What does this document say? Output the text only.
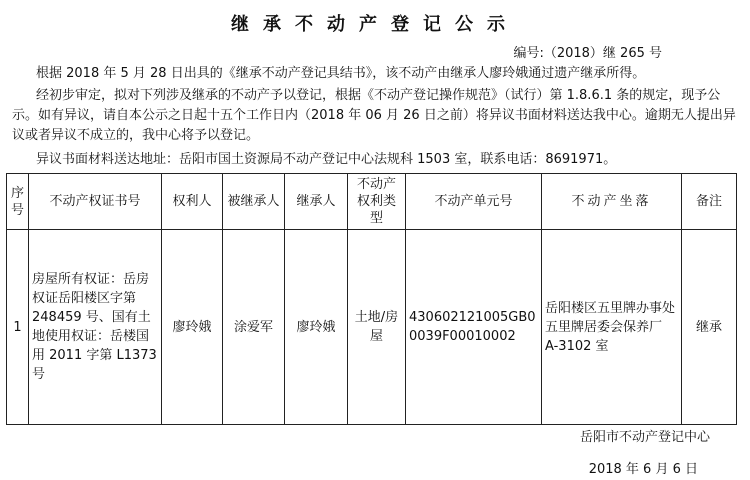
继承不动产登记公示
编号:（2018）继 265 号
根据 2018 年 5 月 28 日出具的《继承不动产登记具结书》，该不动产由继承人廖玲娥通过遗产继承所得。
经初步审定，拟对下列涉及继承的不动产予以登记，根据《不动产登记操作规范》（试行）第 1.8.6.1 条的规定，现予公示。如有异议，请自本公示之日起十五个工作日内（2018 年 06 月 26 日之前）将异议书面材料送达我中心。逾期无人提出异议或者异议不成立的，我中心将予以登记。
异议书面材料送达地址：岳阳市国土资源局不动产登记中心法规科 1503 室，联系电话：8691971。
序号	不动产权证书号	权利人	被继承人	继承人	不动产权利类型	不动产单元号	不动产坐落	备注
1	房屋所有权证：岳房权证岳阳楼区字第 248459 号、国有土地使用权证：岳楼国用 2011 字第 L1373 号	廖玲娥	涂爱军	廖玲娥	土地/房屋	430602121005GB00039F00010002	岳阳楼区五里牌办事处五里牌居委会保养厂 A-3102 室	继承
岳阳市不动产登记中心
2018 年 6 月 6 日
